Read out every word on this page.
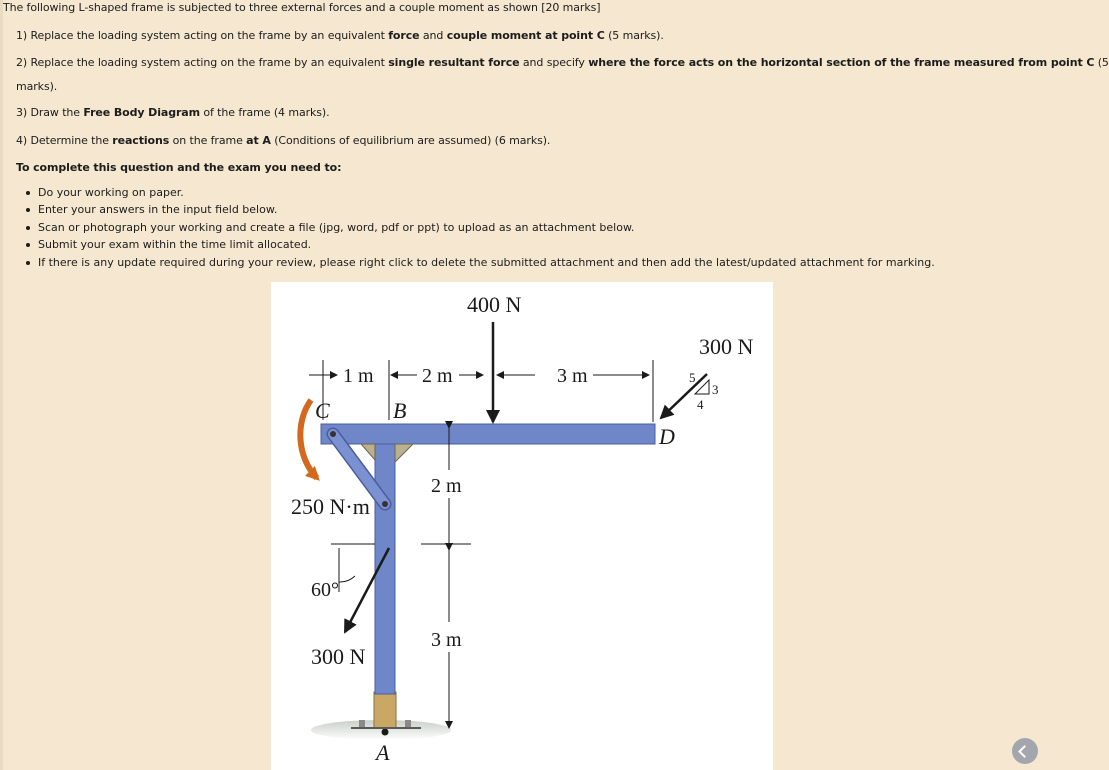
The following L-shaped frame is subjected to three external forces and a couple moment as shown [20 marks]

1) Replace the loading system acting on the frame by an equivalent force and couple moment at point C (5 marks).

2) Replace the loading system acting on the frame by an equivalent single resultant force and specify where the force acts on the horizontal section of the frame measured from point C (5

marks).

3) Draw the Free Body Diagram of the frame (4 marks).

4) Determine the reactions on the frame at A (Conditions of equilibrium are assumed) (6 marks).

To complete this question and the exam you need to:

Do your working on paper.
Enter your answers in the input field below.
Scan or photograph your working and create a file (jpg, word, pdf or ppt) to upload as an attachment below.
Submit your exam within the time limit allocated.
If there is any update required during your review, please right click to delete the submitted attachment and then add the latest/updated attachment for marking.
1 m 2 m	3 m
400 N
300 N
5
3
4
C	B
D
250 N·m
2 m
3 m
60°
300 N
A
